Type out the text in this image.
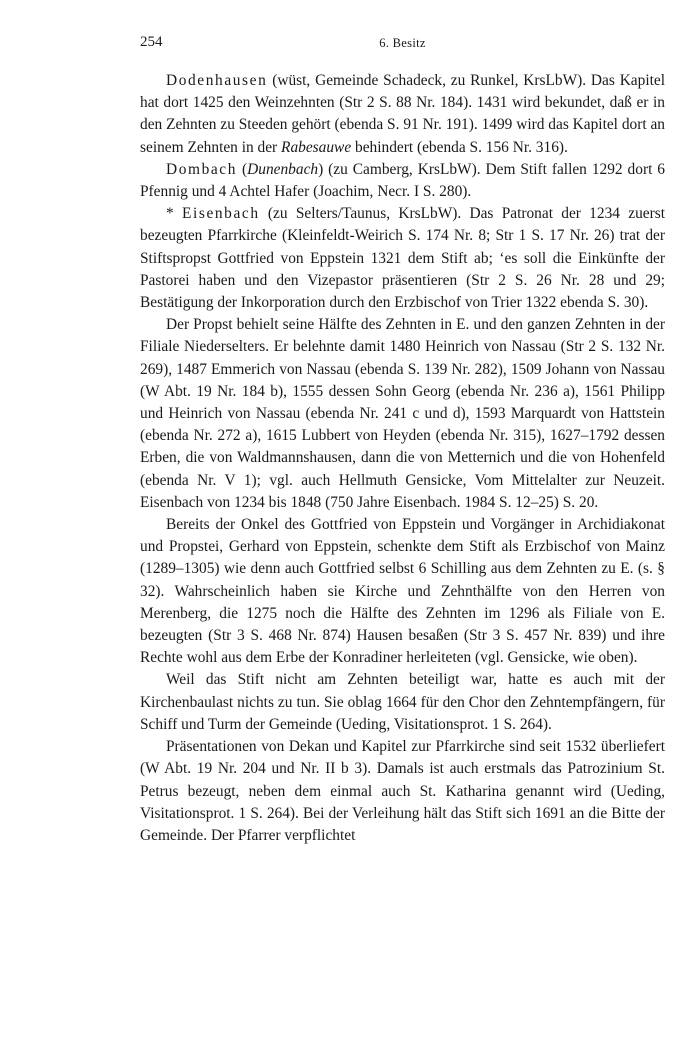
254	6. Besitz

Dodenhausen (wüst, Gemeinde Schadeck, zu Runkel, KrsLbW). Das Kapitel hat dort 1425 den Weinzehnten (Str 2 S. 88 Nr. 184). 1431 wird bekundet, daß er in den Zehnten zu Steeden gehört (ebenda S. 91 Nr. 191). 1499 wird das Kapitel dort an seinem Zehnten in der Rabesauwe behindert (ebenda S. 156 Nr. 316).

Dombach (Dunenbach) (zu Camberg, KrsLbW). Dem Stift fallen 1292 dort 6 Pfennig und 4 Achtel Hafer (Joachim, Necr. I S. 280).

* Eisenbach (zu Selters/Taunus, KrsLbW). Das Patronat der 1234 zuerst bezeugten Pfarrkirche (Kleinfeldt-Weirich S. 174 Nr. 8; Str 1 S. 17 Nr. 26) trat der Stiftspropst Gottfried von Eppstein 1321 dem Stift ab; ‘es soll die Einkünfte der Pastorei haben und den Vizepastor präsentieren (Str 2 S. 26 Nr. 28 und 29; Bestätigung der Inkorporation durch den Erzbischof von Trier 1322 ebenda S. 30).

Der Propst behielt seine Hälfte des Zehnten in E. und den ganzen Zehnten in der Filiale Niederselters. Er belehnte damit 1480 Heinrich von Nassau (Str 2 S. 132 Nr. 269), 1487 Emmerich von Nassau (ebenda S. 139 Nr. 282), 1509 Johann von Nassau (W Abt. 19 Nr. 184 b), 1555 dessen Sohn Georg (ebenda Nr. 236 a), 1561 Philipp und Heinrich von Nassau (ebenda Nr. 241 c und d), 1593 Marquardt von Hattstein (ebenda Nr. 272 a), 1615 Lubbert von Heyden (ebenda Nr. 315), 1627–1792 dessen Erben, die von Waldmannshausen, dann die von Metternich und die von Hohenfeld (ebenda Nr. V 1); vgl. auch Hellmuth Gensicke, Vom Mittelalter zur Neuzeit. Eisenbach von 1234 bis 1848 (750 Jahre Eisenbach. 1984 S. 12–25) S. 20.

Bereits der Onkel des Gottfried von Eppstein und Vorgänger in Archidiakonat und Propstei, Gerhard von Eppstein, schenkte dem Stift als Erzbischof von Mainz (1289–1305) wie denn auch Gottfried selbst 6 Schilling aus dem Zehnten zu E. (s. § 32). Wahrscheinlich haben sie Kirche und Zehnthälfte von den Herren von Merenberg, die 1275 noch die Hälfte des Zehnten im 1296 als Filiale von E. bezeugten (Str 3 S. 468 Nr. 874) Hausen besaßen (Str 3 S. 457 Nr. 839) und ihre Rechte wohl aus dem Erbe der Konradiner herleiteten (vgl. Gensicke, wie oben).

Weil das Stift nicht am Zehnten beteiligt war, hatte es auch mit der Kirchenbaulast nichts zu tun. Sie oblag 1664 für den Chor den Zehntempfängern, für Schiff und Turm der Gemeinde (Ueding, Visitationsprot. 1 S. 264).

Präsentationen von Dekan und Kapitel zur Pfarrkirche sind seit 1532 überliefert (W Abt. 19 Nr. 204 und Nr. II b 3). Damals ist auch erstmals das Patrozinium St. Petrus bezeugt, neben dem einmal auch St. Katharina genannt wird (Ueding, Visitationsprot. 1 S. 264). Bei der Verleihung hält das Stift sich 1691 an die Bitte der Gemeinde. Der Pfarrer verpflichtet
